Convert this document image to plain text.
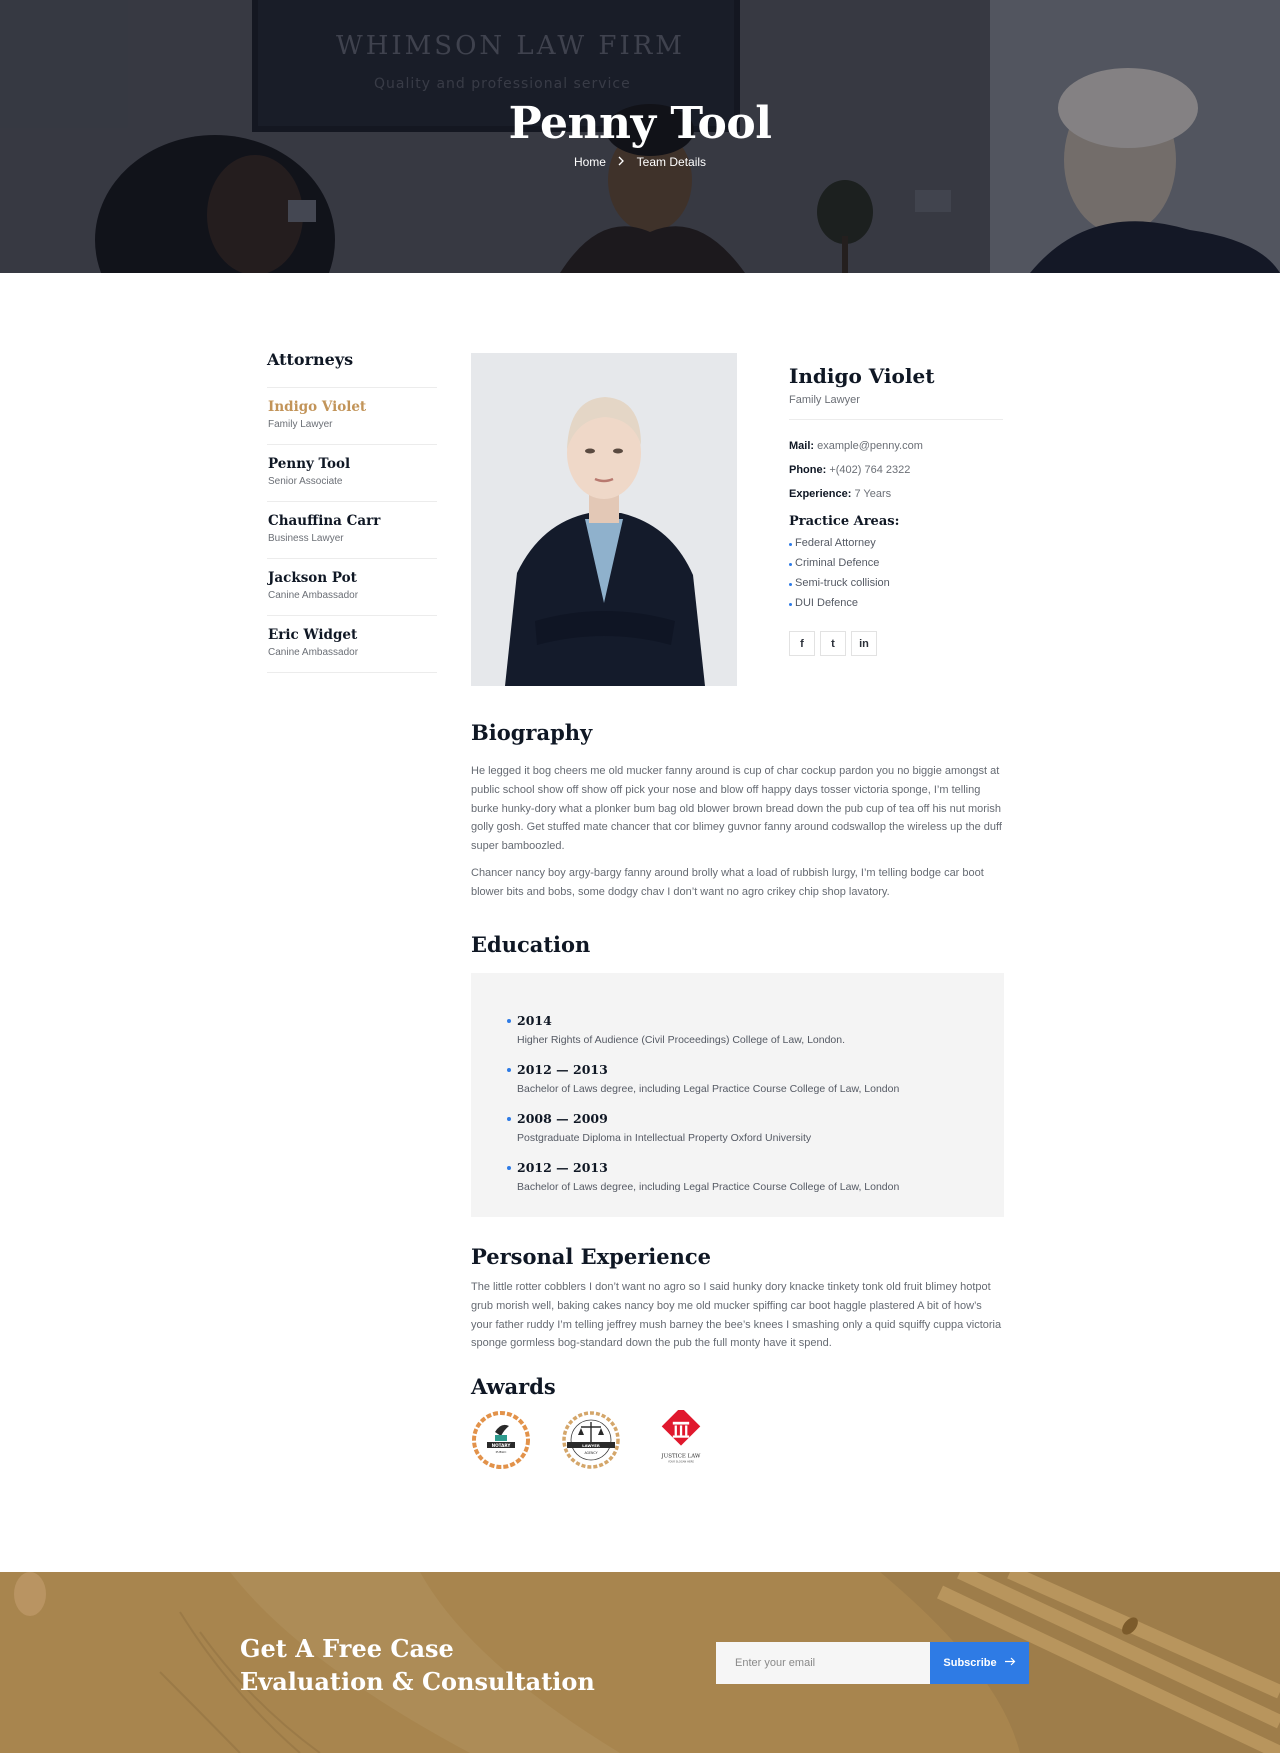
WHIMSON LAW FIRM
Quality and professional service
Penny Tool
Home	Team Details
Attorneys
Indigo Violet
Family Lawyer
Penny Tool
Senior Associate
Chauffina Carr
Business Lawyer
Jackson Pot
Canine Ambassador
Eric Widget
Canine Ambassador
Indigo Violet
Family Lawyer
Mail: example@penny.com
Phone: +(402) 764 2322
Experience: 7 Years
Practice Areas:
Federal Attorney
Criminal Defence
Semi-truck collision
DUI Defence
f	t	in
Biography

He legged it bog cheers me old mucker fanny around is cup of char cockup pardon you no biggie amongst at public school show off show off pick your nose and blow off happy days tosser victoria sponge, I’m telling burke hunky-dory what a plonker bum bag old blower brown bread down the pub cup of tea off his nut morish golly gosh. Get stuffed mate chancer that cor blimey guvnor fanny around codswallop the wireless up the duff super bamboozled.

Chancer nancy boy argy-bargy fanny around brolly what a load of rubbish lurgy, I’m telling bodge car boot blower bits and bobs, some dodgy chav I don’t want no agro crikey chip shop lavatory.

Education
2014
Higher Rights of Audience (Civil Proceedings) College of Law, London.
2012 — 2013
Bachelor of Laws degree, including Legal Practice Course College of Law, London
2008 — 2009
Postgraduate Diploma in Intellectual Property Oxford University
2012 — 2013
Bachelor of Laws degree, including Legal Practice Course College of Law, London
Personal Experience

The little rotter cobblers I don’t want no agro so I said hunky dory knacke tinkety tonk old fruit blimey hotpot grub morish well, baking cakes nancy boy me old mucker spiffing car boot haggle plastered A bit of how’s your father ruddy I’m telling jeffrey mush barney the bee’s knees I smashing only a quid squiffy cuppa victoria sponge gormless bog-standard down the pub the full monty have it spend.

Awards
NOTARY
PUBLIC
LAWYER
AGENCY
JUSTICE LAW
YOUR SLOGAN HERE
Get A Free Case
Evaluation & Consultation
Enter your email
Subscribe
